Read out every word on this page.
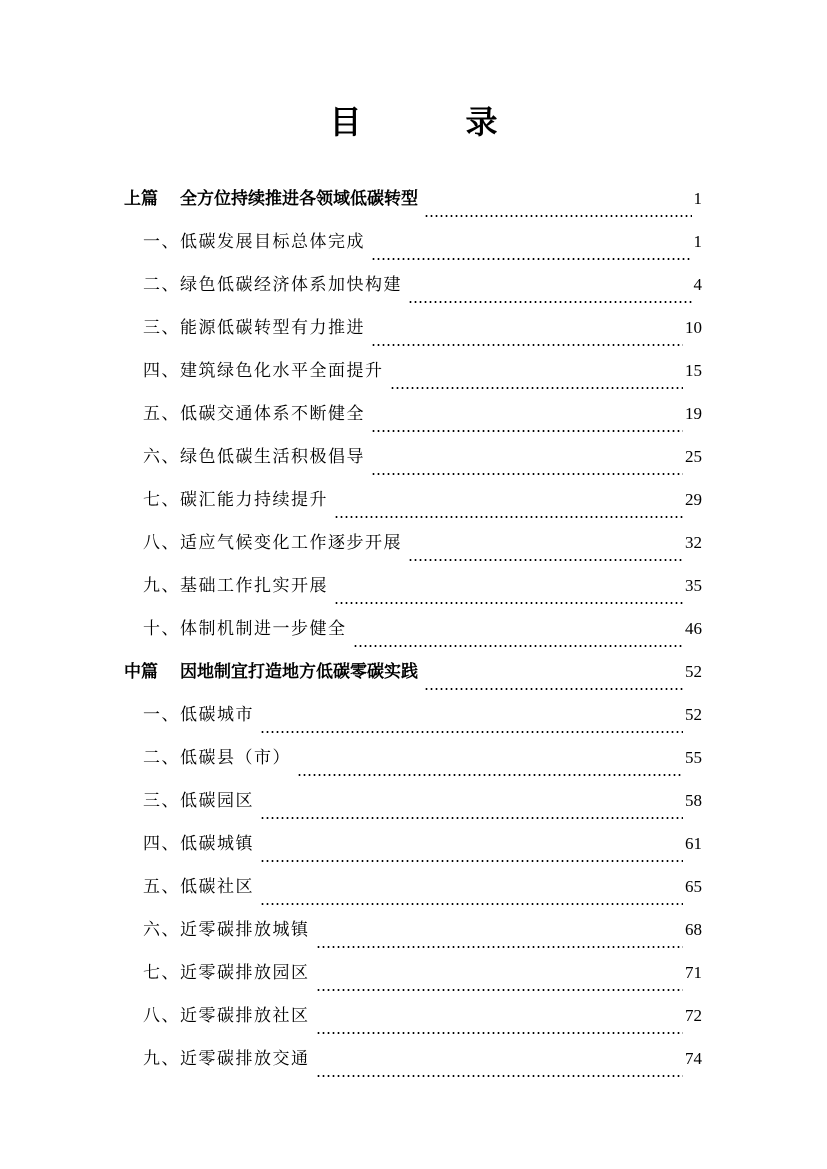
目　录
上篇 全方位持续推进各领域低碳转型	1
一、低碳发展目标总体完成	1
二、绿色低碳经济体系加快构建	4
三、能源低碳转型有力推进	10
四、建筑绿色化水平全面提升	15
五、低碳交通体系不断健全	19
六、绿色低碳生活积极倡导	25
七、碳汇能力持续提升	29
八、适应气候变化工作逐步开展	32
九、基础工作扎实开展	35
十、体制机制进一步健全	46
中篇 因地制宜打造地方低碳零碳实践	52
一、低碳城市	52
二、低碳县（市）	55
三、低碳园区	58
四、低碳城镇	61
五、低碳社区	65
六、近零碳排放城镇	68
七、近零碳排放园区	71
八、近零碳排放社区	72
九、近零碳排放交通	74
